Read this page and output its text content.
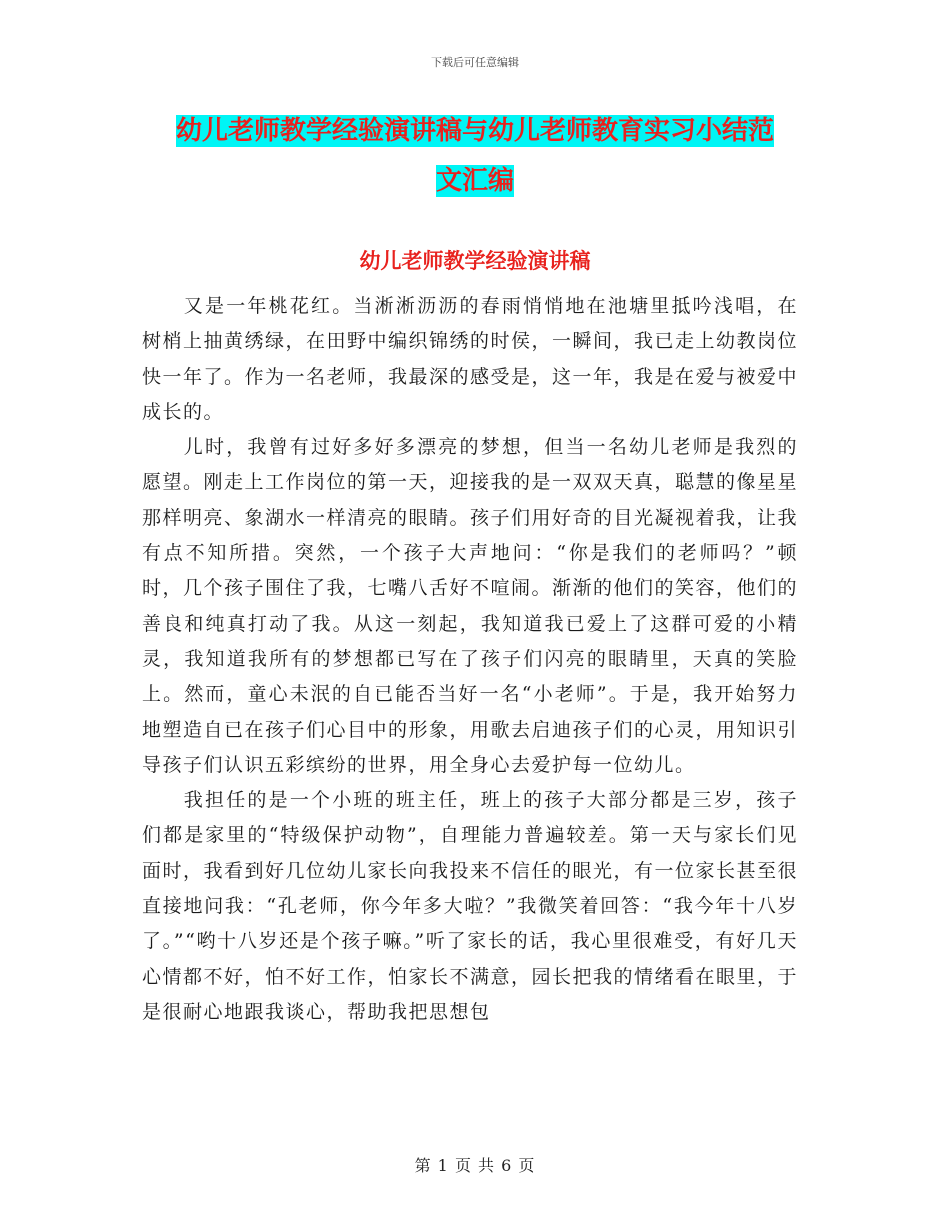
下载后可任意编辑
幼儿老师教学经验演讲稿与幼儿老师教育实习小结范
文汇编
幼儿老师教学经验演讲稿

又是一年桃花红。当淅淅沥沥的春雨悄悄地在池塘里抵吟浅唱，在树梢上抽黄绣绿，在田野中编织锦绣的时侯，一瞬间，我已走上幼教岗位快一年了。作为一名老师，我最深的感受是，这一年，我是在爱与被爱中成长的。

儿时，我曾有过好多好多漂亮的梦想，但当一名幼儿老师是我烈的愿望。刚走上工作岗位的第一天，迎接我的是一双双天真，聪慧的像星星那样明亮、象湖水一样清亮的眼睛。孩子们用好奇的目光凝视着我，让我有点不知所措。突然，一个孩子大声地问：“你是我们的老师吗？”顿时，几个孩子围住了我，七嘴八舌好不喧闹。渐渐的他们的笑容，他们的善良和纯真打动了我。从这一刻起，我知道我已爱上了这群可爱的小精灵，我知道我所有的梦想都已写在了孩子们闪亮的眼睛里，天真的笑脸上。然而，童心未泯的自已能否当好一名“小老师”。于是，我开始努力地塑造自已在孩子们心目中的形象，用歌去启迪孩子们的心灵，用知识引导孩子们认识五彩缤纷的世界，用全身心去爱护每一位幼儿。

我担任的是一个小班的班主任，班上的孩子大部分都是三岁，孩子们都是家里的“特级保护动物”，自理能力普遍较差。第一天与家长们见面时，我看到好几位幼儿家长向我投来不信任的眼光，有一位家长甚至很直接地问我：“孔老师，你今年多大啦？”我微笑着回答：“我今年十八岁了。”“哟十八岁还是个孩子嘛。”听了家长的话，我心里很难受，有好几天心情都不好，怕不好工作，怕家长不满意，园长把我的情绪看在眼里，于是很耐心地跟我谈心，帮助我把思想包

第 1 页 共 6 页
